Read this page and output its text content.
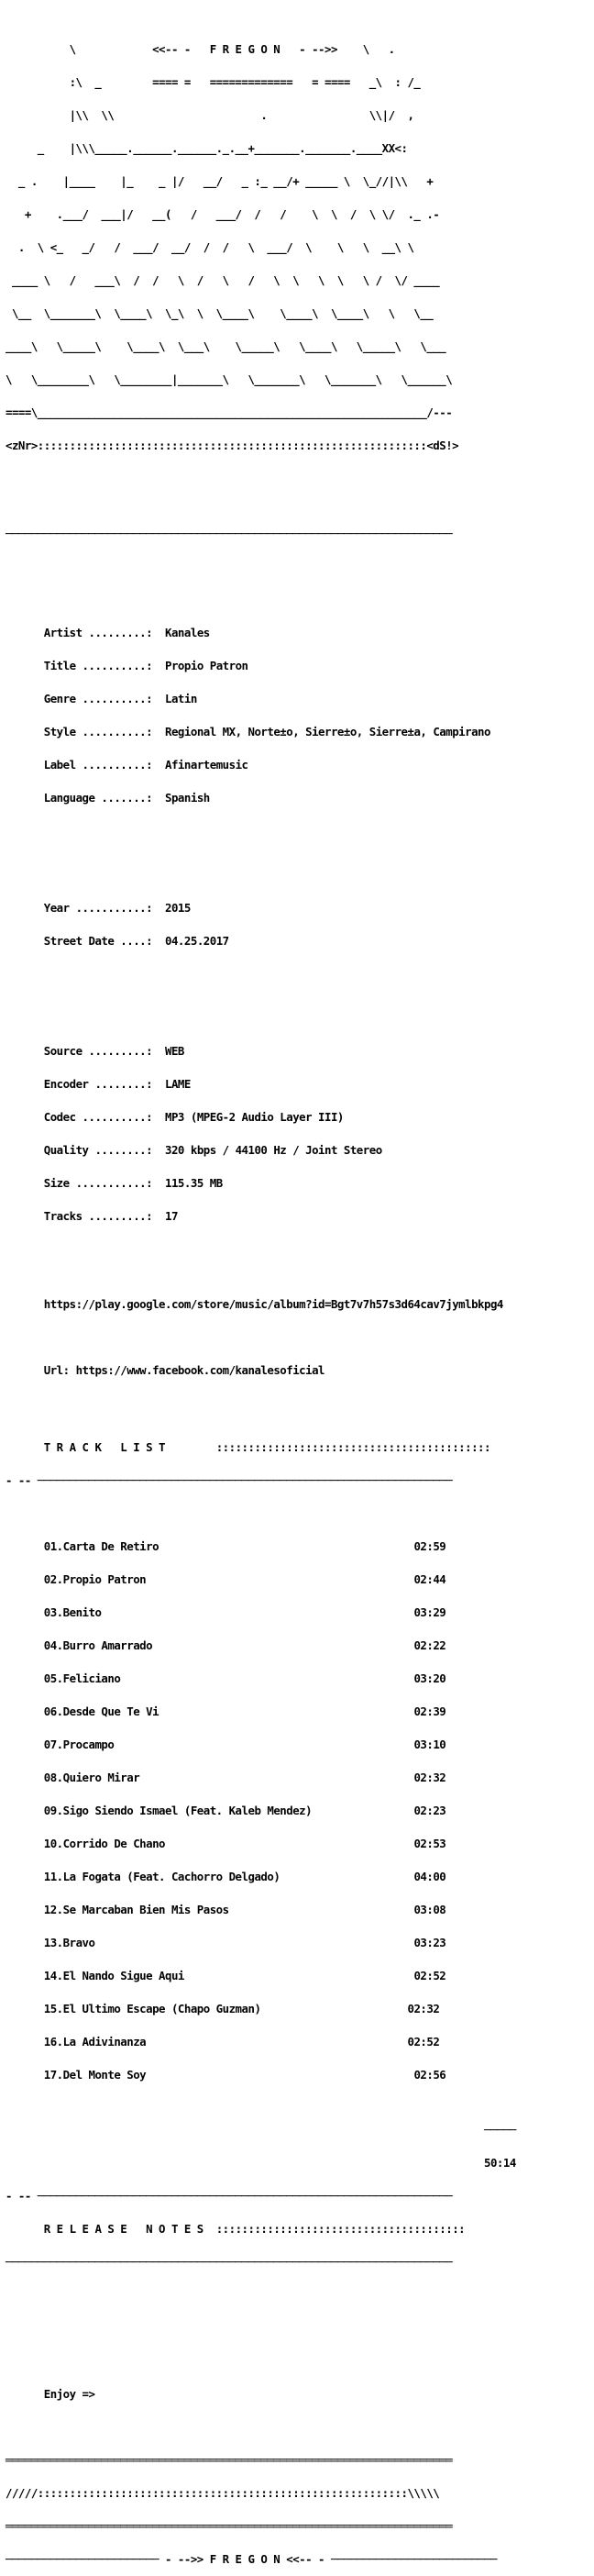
\            <<-- -   F R E G O N   - -->>    \   .

:\  _        ==== =   =============   = ====   _\  : /_

|\\  \\                       .                \\|/  ,

_    |\\\_____.______.______._.__+_______._______.____XX<:

_ .    |____    |_    _ |/   __/   _ :_ __/+ _____ \  \_//|\\   +

+    .___/  ___|/   __(   /   ___/  /   /    \  \  /  \ \/  ._ .-

.  \ <_   _/   /  ___/  __/  /  /   \  ___/  \    \   \  __\ \

____ \   /   ___\  /  /   \  /   \   /   \  \   \  \   \ /  \/ ____

\__  \_______\  \____\  \_\  \  \____\    \____\  \____\   \   \__

____\   \_____\    \____\  \___\    \_____\   \____\   \_____\   \___

\   \________\   \________|_______\   \_______\   \_______\   \______\

====\_____________________________________________________________/---

<zNr>:::::::::::::::::::::::::::::::::::::::::::::::::::::::::::::<dS!>

──────────────────────────────────────────────────────────────────────

Artist .........: Kanales

Title ..........: Propio Patron

Genre ..........: Latin

Style ..........: Regional MX, Norte±o, Sierre±o, Sierre±a, Campirano

Label ..........: Afinartemusic

Language .......: Spanish

Year ...........: 2015

Street Date ....: 04.25.2017

Source .........: WEB

Encoder ........: LAME

Codec ..........: MP3 (MPEG-2 Audio Layer III)

Quality ........: 320 kbps / 44100 Hz / Joint Stereo

Size ...........: 115.35 MB

Tracks .........: 17

https://play.google.com/store/music/album?id=Bgt7v7h57s3d64cav7jymlbkpg4

Url: https://www.facebook.com/kanalesoficial

T R A C K   L I S T	:::::::::::::::::::::::::::::::::::::::::::

- -- ─────────────────────────────────────────────────────────────────

01.Carta De Retiro	02:59

02.Propio Patron	02:44

03.Benito	03:29

04.Burro Amarrado	02:22

05.Feliciano	03:20

06.Desde Que Te Vi	02:39

07.Procampo	03:10

08.Quiero Mirar	02:32

09.Sigo Siendo Ismael (Feat. Kaleb Mendez)	02:23

10.Corrido De Chano	02:53

11.La Fogata (Feat. Cachorro Delgado)	04:00

12.Se Marcaban Bien Mis Pasos	03:08

13.Bravo	03:23

14.El Nando Sigue Aqui	02:52

15.El Ultimo Escape (Chapo Guzman)	02:32

16.La Adivinanza	02:52

17.Del Monte Soy	02:56

─────

50:14

- -- ─────────────────────────────────────────────────────────────────

R E L E A S E   N O T E S :::::::::::::::::::::::::::::::::::::::

──────────────────────────────────────────────────────────────────────

Enjoy =>

══════════════════════════════════════════════════════════════════════

/////::::::::::::::::::::::::::::::::::::::::::::::::::::::::::\\\\\

══════════════════════════════════════════════════════════════════════

──────────────────────── - -->> F R E G O N <<-- - ──────────────────────────
